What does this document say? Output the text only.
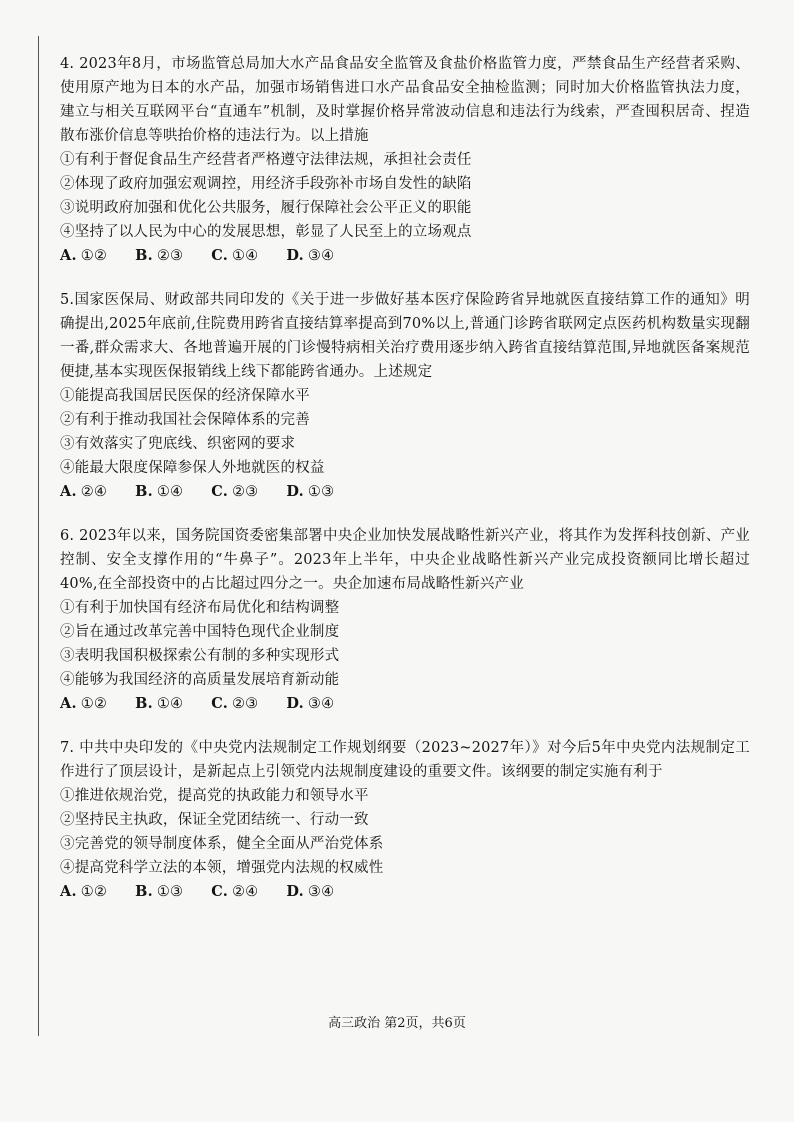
4. 2023年8月，市场监管总局加大水产品食品安全监管及食盐价格监管力度，严禁食品生产经营者采购、使用原产地为日本的水产品，加强市场销售进口水产品食品安全抽检监测；同时加大价格监管执法力度，建立与相关互联网平台“直通车”机制，及时掌握价格异常波动信息和违法行为线索，严查囤积居奇、捏造散布涨价信息等哄抬价格的违法行为。以上措施

①有利于督促食品生产经营者严格遵守法律法规，承担社会责任

②体现了政府加强宏观调控，用经济手段弥补市场自发性的缺陷

③说明政府加强和优化公共服务，履行保障社会公平正义的职能

④坚持了以人民为中心的发展思想，彰显了人民至上的立场观点

A. ①② B. ②③ C. ①④ D. ③④

5.国家医保局、财政部共同印发的《关于进一步做好基本医疗保险跨省异地就医直接结算工作的通知》明确提出,2025年底前,住院费用跨省直接结算率提高到70%以上,普通门诊跨省联网定点医药机构数量实现翻一番,群众需求大、各地普遍开展的门诊慢特病相关治疗费用逐步纳入跨省直接结算范围,异地就医备案规范便捷,基本实现医保报销线上线下都能跨省通办。上述规定

①能提高我国居民医保的经济保障水平

②有利于推动我国社会保障体系的完善

③有效落实了兜底线、织密网的要求

④能最大限度保障参保人外地就医的权益

A. ②④ B. ①④ C. ②③ D. ①③

6. 2023年以来，国务院国资委密集部署中央企业加快发展战略性新兴产业，将其作为发挥科技创新、产业控制、安全支撑作用的“牛鼻子”。2023年上半年，中央企业战略性新兴产业完成投资额同比增长超过 40%,在全部投资中的占比超过四分之一。央企加速布局战略性新兴产业

①有利于加快国有经济布局优化和结构调整

②旨在通过改革完善中国特色现代企业制度

③表明我国积极探索公有制的多种实现形式

④能够为我国经济的高质量发展培育新动能

A. ①② B. ①④ C. ②③ D. ③④

7. 中共中央印发的《中央党内法规制定工作规划纲要（2023~2027年）》对今后5年中央党内法规制定工作进行了顶层设计，是新起点上引领党内法规制度建设的重要文件。该纲要的制定实施有利于

①推进依规治党，提高党的执政能力和领导水平

②坚持民主执政，保证全党团结统一、行动一致

③完善党的领导制度体系，健全全面从严治党体系

④提高党科学立法的本领，增强党内法规的权威性

A. ①② B. ①③ C. ②④ D. ③④
高三政治 第2页，共6页
